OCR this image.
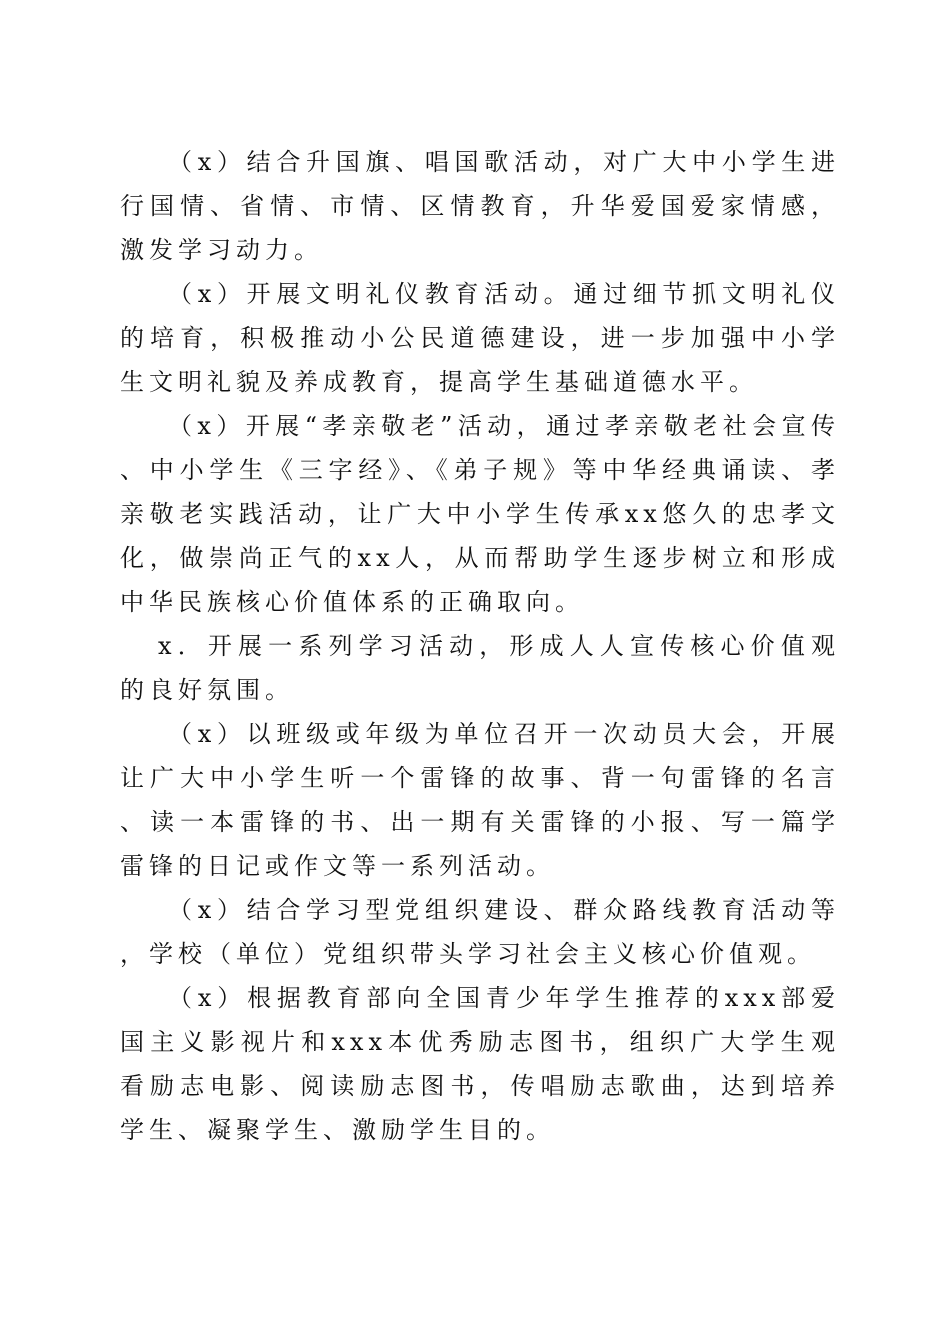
（x）结合升国旗、唱国歌活动，对广大中小学生进行国情、省情、市情、区情教育，升华爱国爱家情感，激发学习动力。

（x）开展文明礼仪教育活动。通过细节抓文明礼仪的培育，积极推动小公民道德建设，进一步加强中小学生文明礼貌及养成教育，提高学生基础道德水平。

（x）开展“孝亲敬老”活动，通过孝亲敬老社会宣传、中小学生《三字经》、《弟子规》等中华经典诵读、孝亲敬老实践活动，让广大中小学生传承xx悠久的忠孝文化，做崇尚正气的xx人，从而帮助学生逐步树立和形成中华民族核心价值体系的正确取向。

x．开展一系列学习活动，形成人人宣传核心价值观的良好氛围。

（x）以班级或年级为单位召开一次动员大会，开展让广大中小学生听一个雷锋的故事、背一句雷锋的名言、读一本雷锋的书、出一期有关雷锋的小报、写一篇学雷锋的日记或作文等一系列活动。

（x）结合学习型党组织建设、群众路线教育活动等，学校（单位）党组织带头学习社会主义核心价值观。

（x）根据教育部向全国青少年学生推荐的xxx部爱国主义影视片和xxx本优秀励志图书，组织广大学生观看励志电影、阅读励志图书，传唱励志歌曲，达到培养学生、凝聚学生、激励学生目的。
